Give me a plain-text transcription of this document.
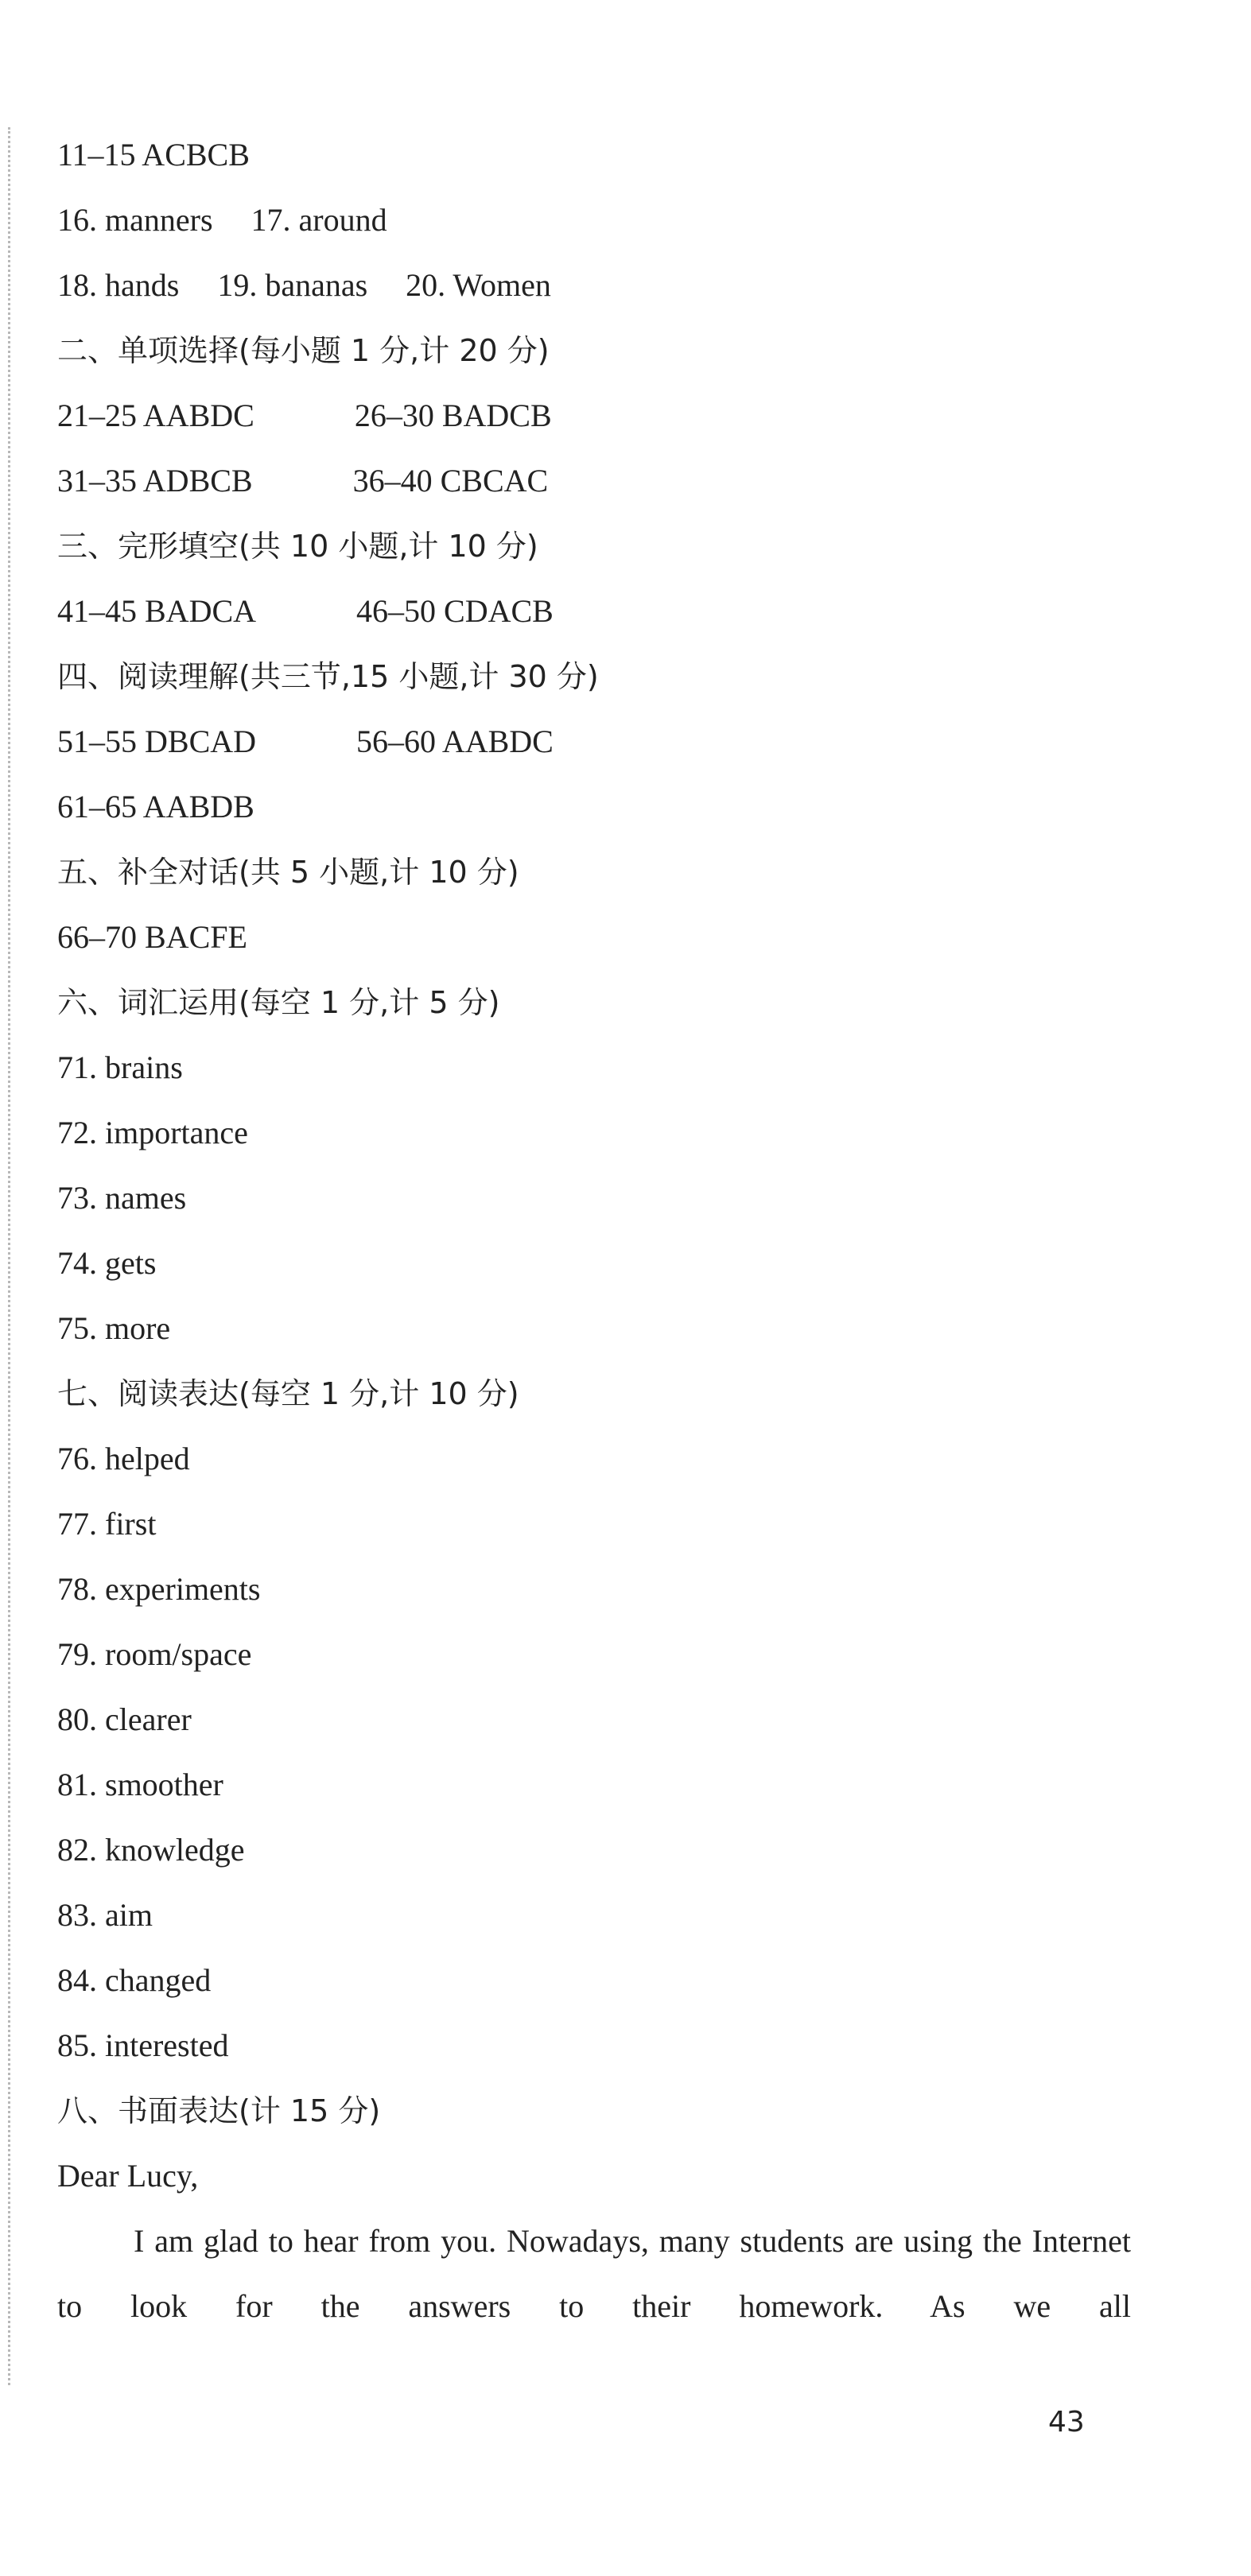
11–15 ACBCB
16. manners 17. around
18. hands 19. bananas 20. Women
二、单项选择(每小题 1 分,计 20 分)
21–25 AABDC	26–30 BADCB
31–35 ADBCB	36–40 CBCAC
三、完形填空(共 10 小题,计 10 分)
41–45 BADCA	46–50 CDACB
四、阅读理解(共三节,15 小题,计 30 分)
51–55 DBCAD	56–60 AABDC
61–65 AABDB
五、补全对话(共 5 小题,计 10 分)
66–70 BACFE
六、词汇运用(每空 1 分,计 5 分)
71. brains
72. importance
73. names
74. gets
75. more
七、阅读表达(每空 1 分,计 10 分)
76. helped
77. first
78. experiments
79. room/space
80. clearer
81. smoother
82. knowledge
83. aim
84. changed
85. interested
八、书面表达(计 15 分)
Dear Lucy,
I am glad to hear from you. Nowadays, many students are using the Internet to look for the answers to their homework. As we all
43
